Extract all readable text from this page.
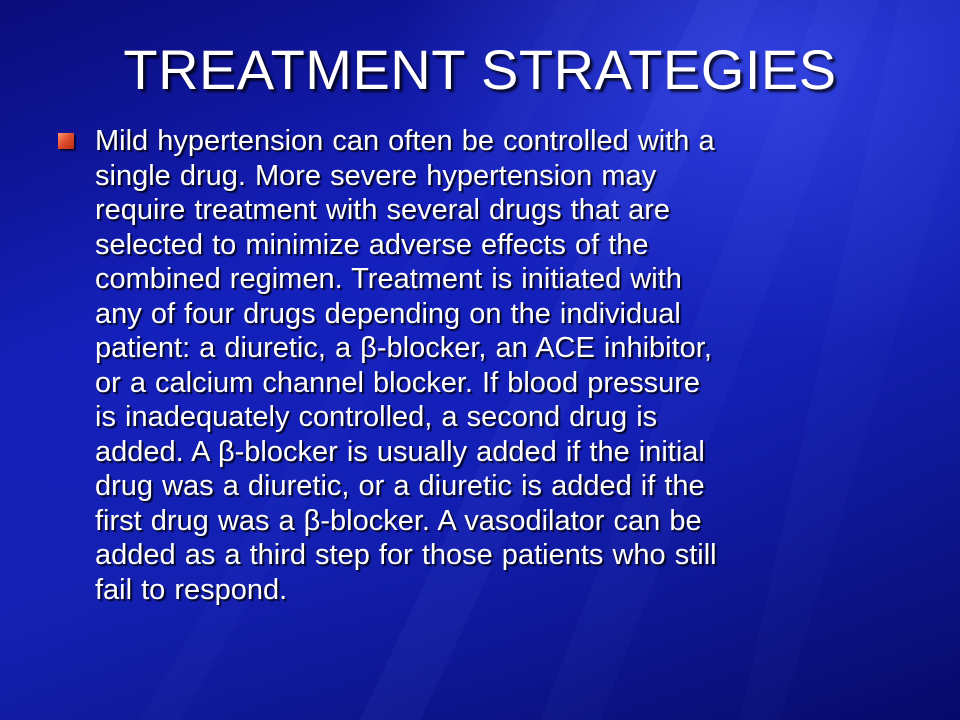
TREATMENT STRATEGIES
Mild hypertension can often be controlled with a
single drug. More severe hypertension may
require treatment with several drugs that are
selected to minimize adverse effects of the
combined regimen. Treatment is initiated with
any of four drugs depending on the individual
patient: a diuretic, a β-blocker, an ACE inhibitor,
or a calcium channel blocker. If blood pressure
is inadequately controlled, a second drug is
added. A β-blocker is usually added if the initial
drug was a diuretic, or a diuretic is added if the
first drug was a β-blocker. A vasodilator can be
added as a third step for those patients who still
fail to respond.
